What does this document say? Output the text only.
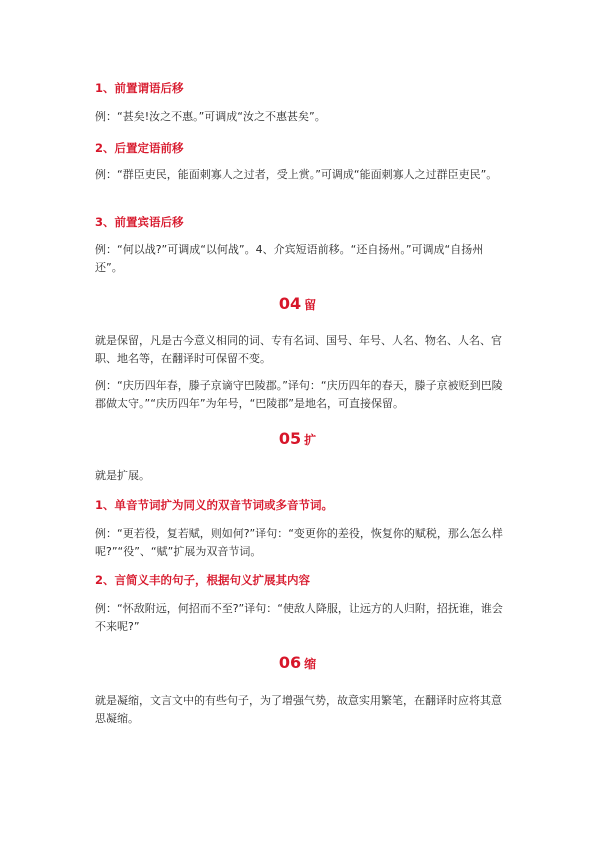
1、前置谓语后移

例：“甚矣!汝之不惠。”可调成“汝之不惠甚矣”。

2、后置定语前移

例：“群臣吏民，能面刺寡人之过者，受上赏。”可调成“能面刺寡人之过群臣吏民”。

3、前置宾语后移

例：“何以战?”可调成“以何战”。4、介宾短语前移。“还自扬州。”可调成“自扬州还”。

04 留

就是保留，凡是古今意义相同的词、专有名词、国号、年号、人名、物名、人名、官职、地名等，在翻译时可保留不变。

例：“庆历四年春，滕子京谪守巴陵郡。”译句：“庆历四年的春天，滕子京被贬到巴陵郡做太守。”“庆历四年”为年号，“巴陵郡”是地名，可直接保留。

05 扩

就是扩展。

1、单音节词扩为同义的双音节词或多音节词。

例：“更若役，复若赋，则如何?”译句：“变更你的差役，恢复你的赋税，那么怎么样呢?”“役”、“赋”扩展为双音节词。

2、言简义丰的句子，根据句义扩展其内容

例：“怀敌附远，何招而不至?”译句：“使敌人降服，让远方的人归附，招抚谁，谁会不来呢?”

06 缩

就是凝缩，文言文中的有些句子，为了增强气势，故意实用繁笔，在翻译时应将其意思凝缩。
